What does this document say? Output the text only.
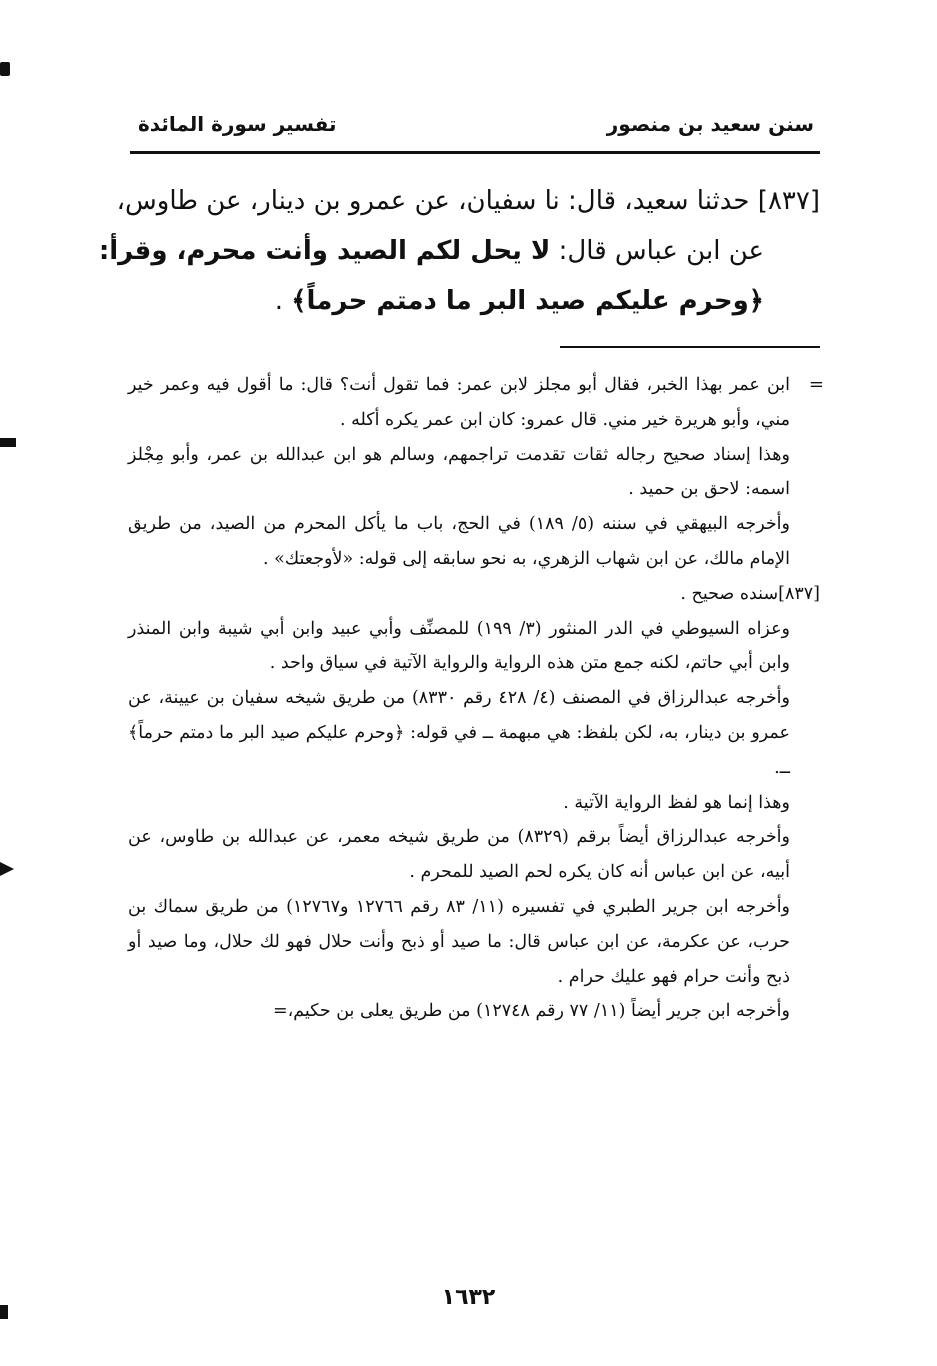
سنن سعيد بن منصور
تفسير سورة المائدة
[٨٣٧] حدثنا سعيد، قال: نا سفيان، عن عمرو بن دينار، عن طاوس،
عن ابن عباس قال: لا يحل لكم الصيد وأنت محرم، وقرأ:
﴿وحرم عليكم صيد البر ما دمتم حرماً﴾ .
=

ابن عمر بهذا الخبر، فقال أبو مجلز لابن عمر: فما تقول أنت؟ قال: ما أقول فيه وعمر خير مني، وأبو هريرة خير مني. قال عمرو: كان ابن عمر يكره أكله .

وهذا إسناد صحيح رجاله ثقات تقدمت تراجمهم، وسالم هو ابن عبدالله بن عمر، وأبو مِجْلز اسمه: لاحق بن حميد .

وأخرجه البيهقي في سننه (٥/ ١٨٩) في الحج، باب ما يأكل المحرم من الصيد، من طريق الإمام مالك، عن ابن شهاب الزهري، به نحو سابقه إلى قوله: «لأوجعتك» .

[٨٣٧]سنده صحيح .

وعزاه السيوطي في الدر المنثور (٣/ ١٩٩) للمصنِّف وأبي عبيد وابن أبي شيبة وابن المنذر وابن أبي حاتم، لكنه جمع متن هذه الرواية والرواية الآتية في سياق واحد .

وأخرجه عبدالرزاق في المصنف (٤/ ٤٢٨ رقم ٨٣٣٠) من طريق شيخه سفيان بن عيينة، عن عمرو بن دينار، به، لكن بلفظ: هي مبهمة ــ في قوله: ﴿وحرم عليكم صيد البر ما دمتم حرماً﴾ ــ.

وهذا إنما هو لفظ الرواية الآتية .

وأخرجه عبدالرزاق أيضاً برقم (٨٣٢٩) من طريق شيخه معمر، عن عبدالله بن طاوس، عن أبيه، عن ابن عباس أنه كان يكره لحم الصيد للمحرم .

وأخرجه ابن جرير الطبري في تفسيره (١١/ ٨٣ رقم ١٢٧٦٦ و١٢٧٦٧) من طريق سماك بن حرب، عن عكرمة، عن ابن عباس قال: ما صيد أو ذبح وأنت حلال فهو لك حلال، وما صيد أو ذبح وأنت حرام فهو عليك حرام .

وأخرجه ابن جرير أيضاً (١١/ ٧٧ رقم ١٢٧٤٨) من طريق يعلى بن حكيم،=

١٦٣٢
